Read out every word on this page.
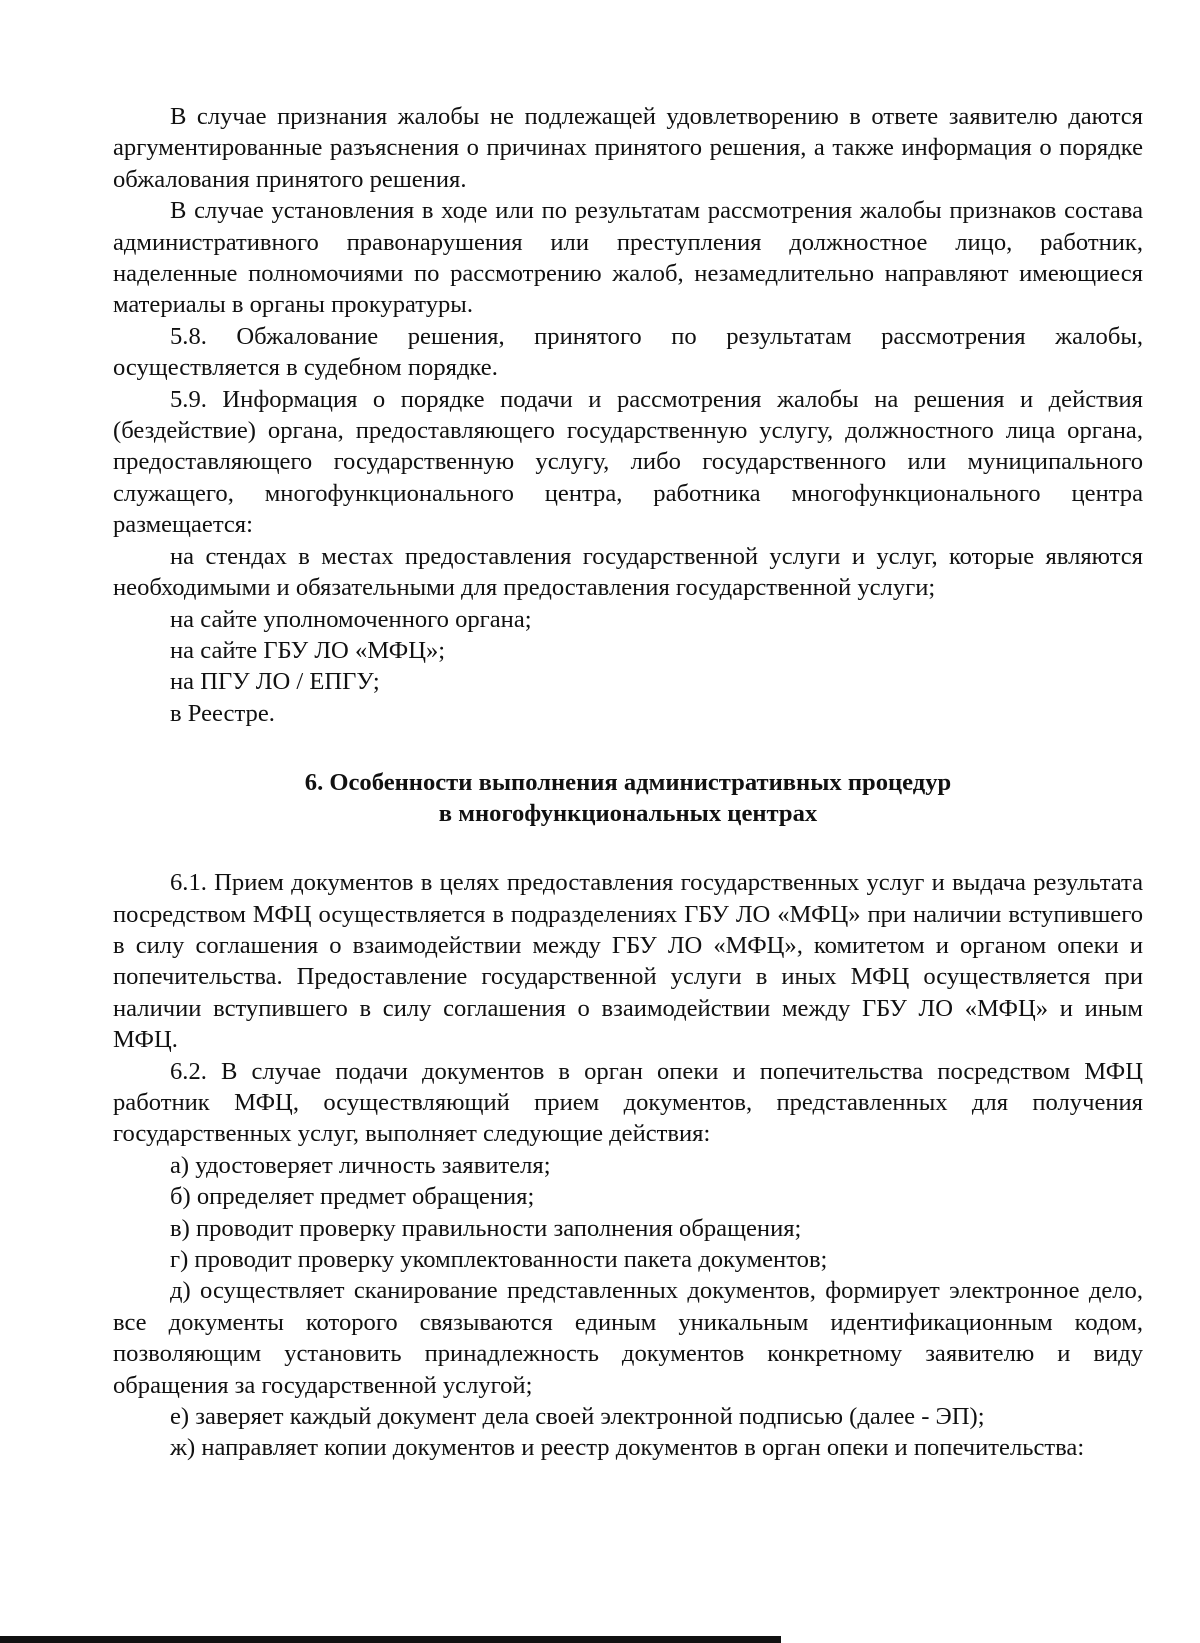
В случае признания жалобы не подлежащей удовлетворению в ответе заявителю даются аргументированные разъяснения о причинах принятого решения, а также информация о порядке обжалования принятого решения.

В случае установления в ходе или по результатам рассмотрения жалобы признаков состава административного правонарушения или преступления должностное лицо, работник, наделенные полномочиями по рассмотрению жалоб, незамедлительно направляют имеющиеся материалы в органы прокуратуры.

5.8. Обжалование решения, принятого по результатам рассмотрения жалобы, осуществляется в судебном порядке.

5.9. Информация о порядке подачи и рассмотрения жалобы на решения и действия (бездействие) органа, предоставляющего государственную услугу, должностного лица органа, предоставляющего государственную услугу, либо государственного или муниципального служащего, многофункционального центра, работника многофункционального центра размещается:

на стендах в местах предоставления государственной услуги и услуг, которые являются необходимыми и обязательными для предоставления государственной услуги;

на сайте уполномоченного органа;

на сайте ГБУ ЛО «МФЦ»;

на ПГУ ЛО / ЕПГУ;

в Реестре.

6. Особенности выполнения административных процедур
в многофункциональных центрах

6.1. Прием документов в целях предоставления государственных услуг и выдача результата посредством МФЦ осуществляется в подразделениях ГБУ ЛО «МФЦ» при наличии вступившего в силу соглашения о взаимодействии между ГБУ ЛО «МФЦ», комитетом и органом опеки и попечительства. Предоставление государственной услуги в иных МФЦ осуществляется при наличии вступившего в силу соглашения о взаимодействии между ГБУ ЛО «МФЦ» и иным МФЦ.

6.2. В случае подачи документов в орган опеки и попечительства посредством МФЦ работник МФЦ, осуществляющий прием документов, представленных для получения государственных услуг, выполняет следующие действия:

а) удостоверяет личность заявителя;

б) определяет предмет обращения;

в) проводит проверку правильности заполнения обращения;

г) проводит проверку укомплектованности пакета документов;

д) осуществляет сканирование представленных документов, формирует электронное дело, все документы которого связываются единым уникальным идентификационным кодом, позволяющим установить принадлежность документов конкретному заявителю и виду обращения за государственной услугой;

е) заверяет каждый документ дела своей электронной подписью (далее - ЭП);

ж) направляет копии документов и реестр документов в орган опеки и попечительства:
